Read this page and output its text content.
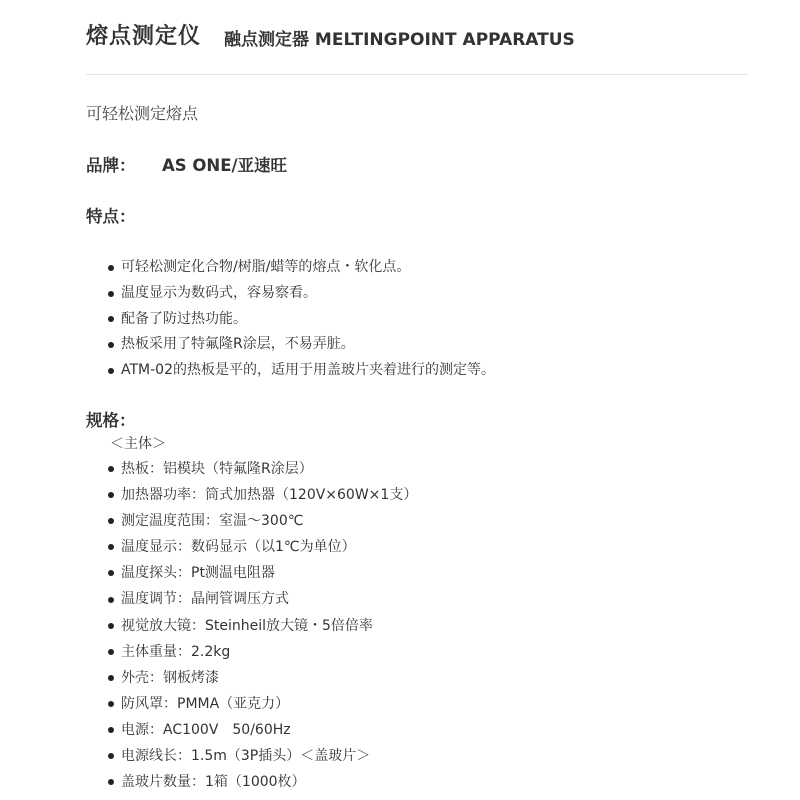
熔点测定仪 融点测定器 MELTINGPOINT APPARATUS
可轻松测定熔点
品牌： AS ONE/亚速旺
特点：
可轻松测定化合物/树脂/蜡等的熔点・软化点。
温度显示为数码式，容易察看。
配备了防过热功能。
热板采用了特氟隆R涂层，不易弄脏。
ATM-02的热板是平的，适用于用盖玻片夹着进行的测定等。
规格：
＜主体＞
热板：铝模块（特氟隆R涂层）
加热器功率：筒式加热器（120V×60W×1支）
测定温度范围：室温～300℃
温度显示：数码显示（以1℃为单位）
温度探头：Pt测温电阻器
温度调节：晶闸管调压方式
视觉放大镜：Steinheil放大镜・5倍倍率
主体重量：2.2kg
外壳：钢板烤漆
防风罩：PMMA（亚克力）
电源：AC100V　50/60Hz
电源线长：1.5m（3P插头）＜盖玻片＞
盖玻片数量：1箱（1000枚）
